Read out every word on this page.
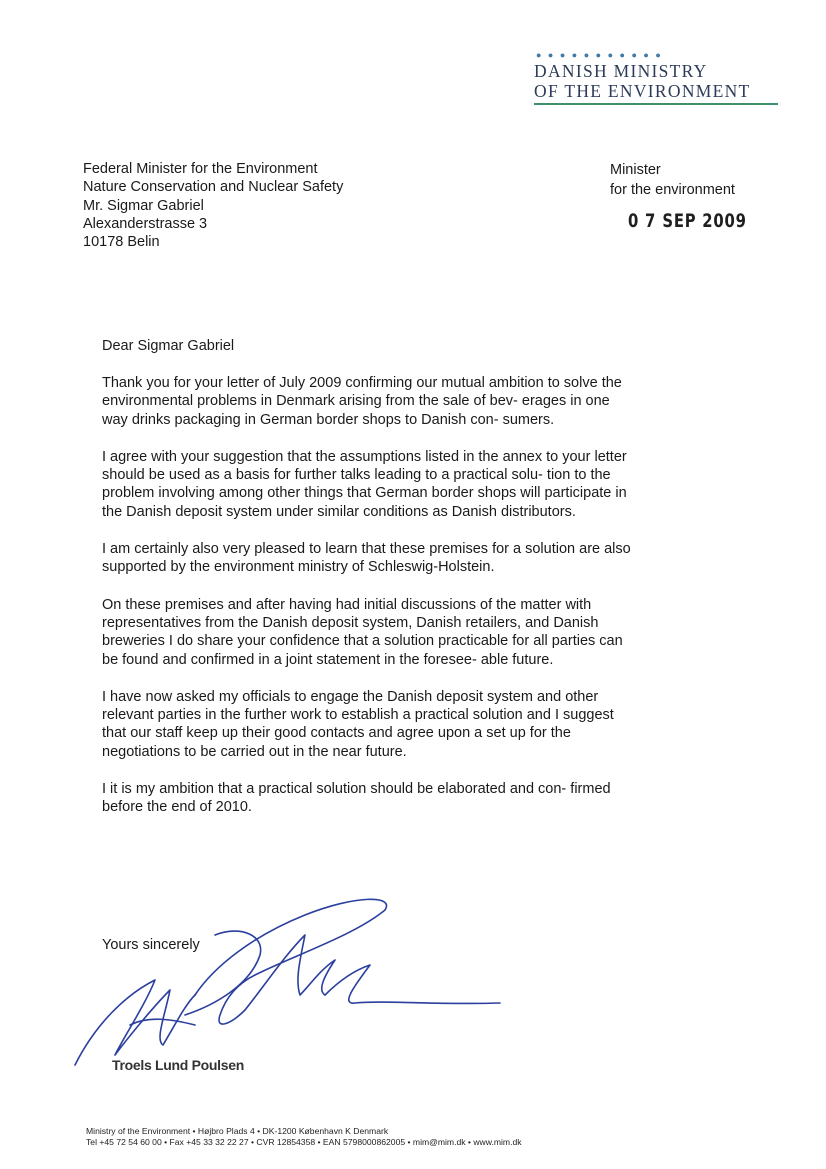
● ● ● ● ● ● ● ● ● ● ●
DANISH MINISTRY
OF THE ENVIRONMENT
Federal Minister for the Environment
Nature Conservation and Nuclear Safety
Mr. Sigmar Gabriel
Alexanderstrasse 3
10178 Belin
Minister
for the environment
0 7 SEP 2009
Dear Sigmar Gabriel

Thank you for your letter of July 2009 confirming our mutual ambition to solve the environmental problems in Denmark arising from the sale of bev- erages in one way drinks packaging in German border shops to Danish con- sumers.

I agree with your suggestion that the assumptions listed in the annex to your letter should be used as a basis for further talks leading to a practical solu- tion to the problem involving among other things that German border shops will participate in the Danish deposit system under similar conditions as Danish distributors.

I am certainly also very pleased to learn that these premises for a solution are also supported by the environment ministry of Schleswig-Holstein.

On these premises and after having had initial discussions of the matter with representatives from the Danish deposit system, Danish retailers, and Danish breweries I do share your confidence that a solution practicable for all parties can be found and confirmed in a joint statement in the foresee- able future.

I have now asked my officials to engage the Danish deposit system and other relevant parties in the further work to establish a practical solution and I suggest that our staff keep up their good contacts and agree upon a set up for the negotiations to be carried out in the near future.

I it is my ambition that a practical solution should be elaborated and con- firmed before the end of 2010.

Yours sincerely
Troels Lund Poulsen
Ministry of the Environment • Højbro Plads 4 • DK-1200 København K Denmark
Tel +45 72 54 60 00 • Fax +45 33 32 22 27 • CVR 12854358 • EAN 5798000862005 • mim@mim.dk • www.mim.dk
